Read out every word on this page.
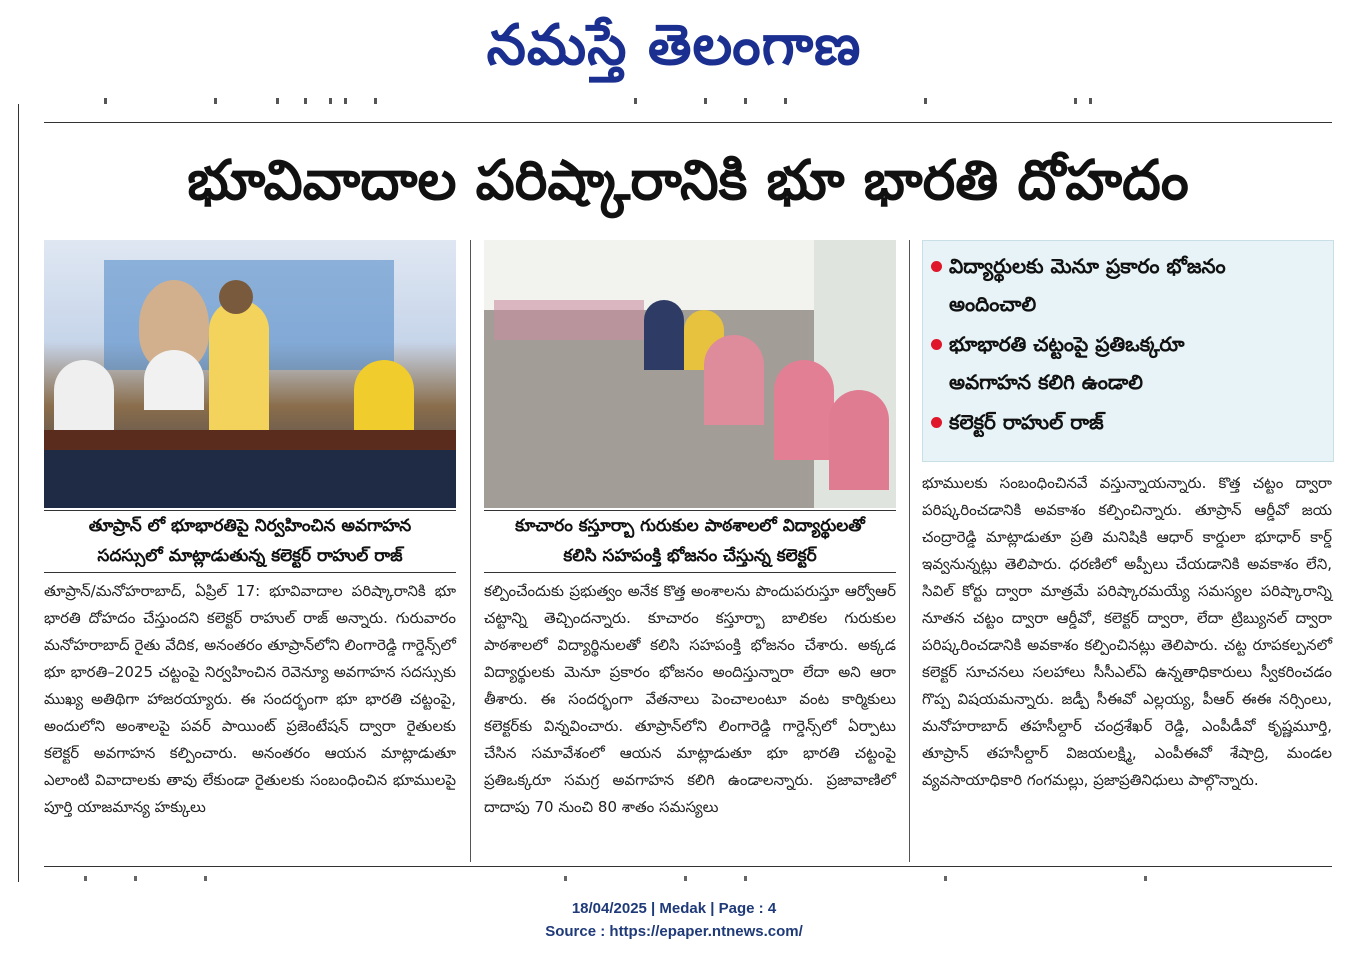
నమస్తే తెలంగాణ
భూవివాదాల పరిష్కారానికి భూ భారతి దోహదం
తూప్రాన్ లో భూభారతిపై నిర్వహించిన అవగాహన
సదస్సులో మాట్లాడుతున్న కలెక్టర్ రాహుల్ రాజ్
కూచారం కస్తూర్బా గురుకుల పాఠశాలలో విద్యార్థులతో
కలిసి సహపంక్తి భోజనం చేస్తున్న కలెక్టర్
విద్యార్థులకు మెనూ ప్రకారం భోజనం
అందించాలి
భూభారతి చట్టంపై ప్రతిఒక్కరూ
అవగాహన కలిగి ఉండాలి
కలెక్టర్ రాహుల్ రాజ్

తూప్రాన్/మనోహరాబాద్, ఏప్రిల్ 17: భూవివాదాల పరిష్కారానికి భూ భారతి దోహదం చేస్తుందని కలెక్టర్ రాహుల్ రాజ్ అన్నారు. గురువారం మనోహరాబాద్ రైతు వేదిక, అనంతరం తూప్రాన్‌లోని లింగారెడ్డి గార్డెన్స్‌లో భూ భారతి–2025 చట్టంపై నిర్వహించిన రెవెన్యూ అవగాహన సదస్సుకు ముఖ్య అతిథిగా హాజరయ్యారు. ఈ సందర్భంగా భూ భారతి చట్టంపై, అందులోని అంశాలపై పవర్ పాయింట్ ప్రజెంటేషన్ ద్వారా రైతులకు కలెక్టర్ అవగాహన కల్పించారు. అనంతరం ఆయన మాట్లాడుతూ ఎలాంటి వివాదాలకు తావు లేకుండా రైతులకు సంబంధించిన భూములపై పూర్తి యాజమాన్య హక్కులు

కల్పించేందుకు ప్రభుత్వం అనేక కొత్త అంశాలను పొందుపరుస్తూ ఆర్వోఆర్ చట్టాన్ని తెచ్చిందన్నారు. కూచారం కస్తూర్బా బాలికల గురుకుల పాఠశాలలో విద్యార్థినులతో కలిసి సహపంక్తి భోజనం చేశారు. అక్కడ విద్యార్థులకు మెనూ ప్రకారం భోజనం అందిస్తున్నారా లేదా అని ఆరా తీశారు. ఈ సందర్భంగా వేతనాలు పెంచాలంటూ వంట కార్మికులు కలెక్టర్‌కు విన్నవించారు. తూప్రాన్‌లోని లింగారెడ్డి గార్డెన్స్‌లో ఏర్పాటు చేసిన సమావేశంలో ఆయన మాట్లాడుతూ భూ భారతి చట్టంపై ప్రతిఒక్కరూ సమగ్ర అవగాహన కలిగి ఉండాలన్నారు. ప్రజావాణిలో దాదాపు 70 నుంచి 80 శాతం సమస్యలు

భూములకు సంబంధించినవే వస్తున్నాయన్నారు. కొత్త చట్టం ద్వారా పరిష్కరించడానికి అవకాశం కల్పించిన్నారు. తూప్రాన్ ఆర్డీవో జయ చంద్రారెడ్డి మాట్లాడుతూ ప్రతి మనిషికి ఆధార్ కార్డులా భూధార్ కార్డ్ ఇవ్వనున్నట్లు తెలిపారు. ధరణిలో అప్పీలు చేయడానికి అవకాశం లేని, సివిల్ కోర్టు ద్వారా మాత్రమే పరిష్కారమయ్యే సమస్యల పరిష్కారాన్ని నూతన చట్టం ద్వారా ఆర్డీవో, కలెక్టర్ ద్వారా, లేదా ట్రిబ్యునల్ ద్వారా పరిష్కరించడానికి అవకాశం కల్పించినట్లు తెలిపారు. చట్ట రూపకల్పనలో కలెక్టర్ సూచనలు సలహాలు సీసీఎల్ఏ ఉన్నతాధికారులు స్వీకరించడం గొప్ప విషయమన్నారు. జడ్పీ సీఈవో ఎల్లయ్య, పీఆర్ ఈఈ నర్సింలు, మనోహరాబాద్ తహసీల్దార్ చంద్రశేఖర్ రెడ్డి, ఎంపీడీవో కృష్ణమూర్తి, తూప్రాన్ తహసీల్దార్ విజయలక్ష్మి, ఎంపీఈవో శేషాద్రి, మండల వ్యవసాయాధికారి గంగమల్లు, ప్రజాప్రతినిధులు పాల్గొన్నారు.

18/04/2025 | Medak | Page : 4
Source : https://epaper.ntnews.com/
